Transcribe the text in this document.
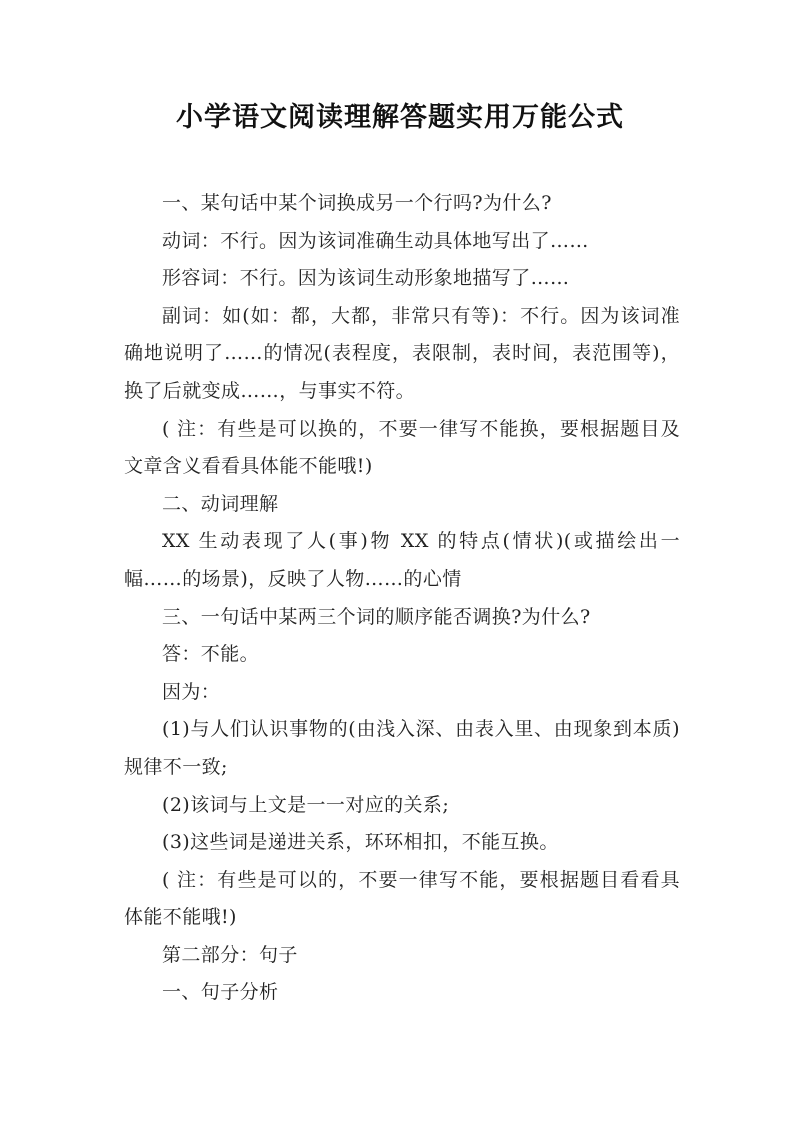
小学语文阅读理解答题实用万能公式

一、某句话中某个词换成另一个行吗?为什么?

动词：不行。因为该词准确生动具体地写出了……

形容词：不行。因为该词生动形象地描写了……

副词：如(如：都，大都，非常只有等)：不行。因为该词准确地说明了……的情况(表程度，表限制，表时间，表范围等)，换了后就变成……，与事实不符。

( 注：有些是可以换的，不要一律写不能换，要根据题目及文章含义看看具体能不能哦!)

二、动词理解

XX 生动表现了人(事)物 XX 的特点(情状)(或描绘出一幅……的场景)，反映了人物……的心情

三、一句话中某两三个词的顺序能否调换?为什么?

答：不能。

因为：

(1)与人们认识事物的(由浅入深、由表入里、由现象到本质)规律不一致;

(2)该词与上文是一一对应的关系;

(3)这些词是递进关系，环环相扣，不能互换。

( 注：有些是可以的，不要一律写不能，要根据题目看看具体能不能哦!)

第二部分：句子

一、句子分析
